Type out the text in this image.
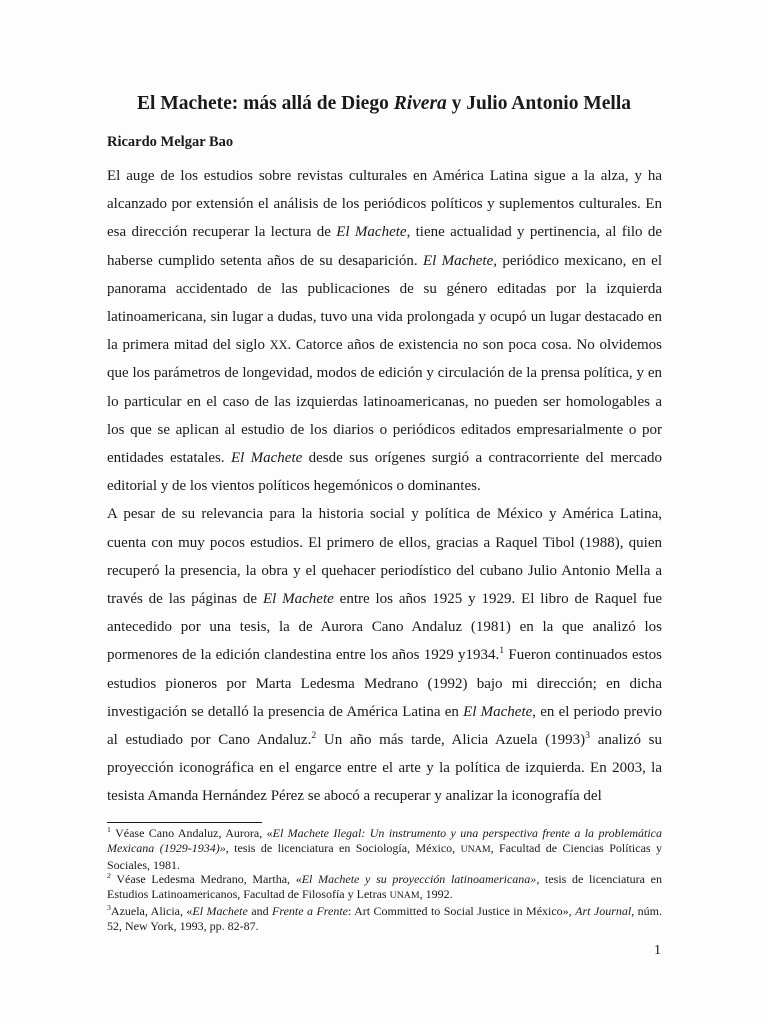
El Machete: más allá de Diego Rivera y Julio Antonio Mella
Ricardo Melgar Bao

El auge de los estudios sobre revistas culturales en América Latina sigue a la alza, y ha alcanzado por extensión el análisis de los periódicos políticos y suplementos culturales. En esa dirección recuperar la lectura de El Machete, tiene actualidad y pertinencia, al filo de haberse cumplido setenta años de su desaparición. El Machete, periódico mexicano, en el panorama accidentado de las publicaciones de su género editadas por la izquierda latinoamericana, sin lugar a dudas, tuvo una vida prolongada y ocupó un lugar destacado en la primera mitad del siglo XX. Catorce años de existencia no son poca cosa. No olvidemos que los parámetros de longevidad, modos de edición y circulación de la prensa política, y en lo particular en el caso de las izquierdas latinoamericanas, no pueden ser homologables a los que se aplican al estudio de los diarios o periódicos editados empresarialmente o por entidades estatales. El Machete desde sus orígenes surgió a contracorriente del mercado editorial y de los vientos políticos hegemónicos o dominantes.

A pesar de su relevancia para la historia social y política de México y América Latina, cuenta con muy pocos estudios. El primero de ellos, gracias a Raquel Tibol (1988), quien recuperó la presencia, la obra y el quehacer periodístico del cubano Julio Antonio Mella a través de las páginas de El Machete entre los años 1925 y 1929. El libro de Raquel fue antecedido por una tesis, la de Aurora Cano Andaluz (1981) en la que analizó los pormenores de la edición clandestina entre los años 1929 y1934.$^1$ Fueron continuados estos estudios pioneros por Marta Ledesma Medrano (1992) bajo mi dirección; en dicha investigación se detalló la presencia de América Latina en El Machete, en el periodo previo al estudiado por Cano Andaluz.$^2$ Un año más tarde, Alicia Azuela $(1993)^3$ analizó su proyección iconográfica en el engarce entre el arte y la política de izquierda. En 2003, la tesista Amanda Hernández Pérez se abocó a recuperar y analizar la iconografía del

$^1$ Véase Cano Andaluz, Aurora, «El Machete Ilegal: Un instrumento y una perspectiva frente a la problemática Mexicana (1929-1934)», tesis de licenciatura en Sociología, México, UNAM, Facultad de Ciencias Políticas y Sociales, 1981.

$^2$ Véase Ledesma Medrano, Martha, «El Machete y su proyección latinoamericana», tesis de licenciatura en Estudios Latinoamericanos, Facultad de Filosofía y Letras UNAM, 1992.

$^3$Azuela, Alicia, «El Machete and Frente a Frente: Art Committed to Social Justice in México», Art Journal, núm. 52, New York, 1993, pp. 82-87.

1
